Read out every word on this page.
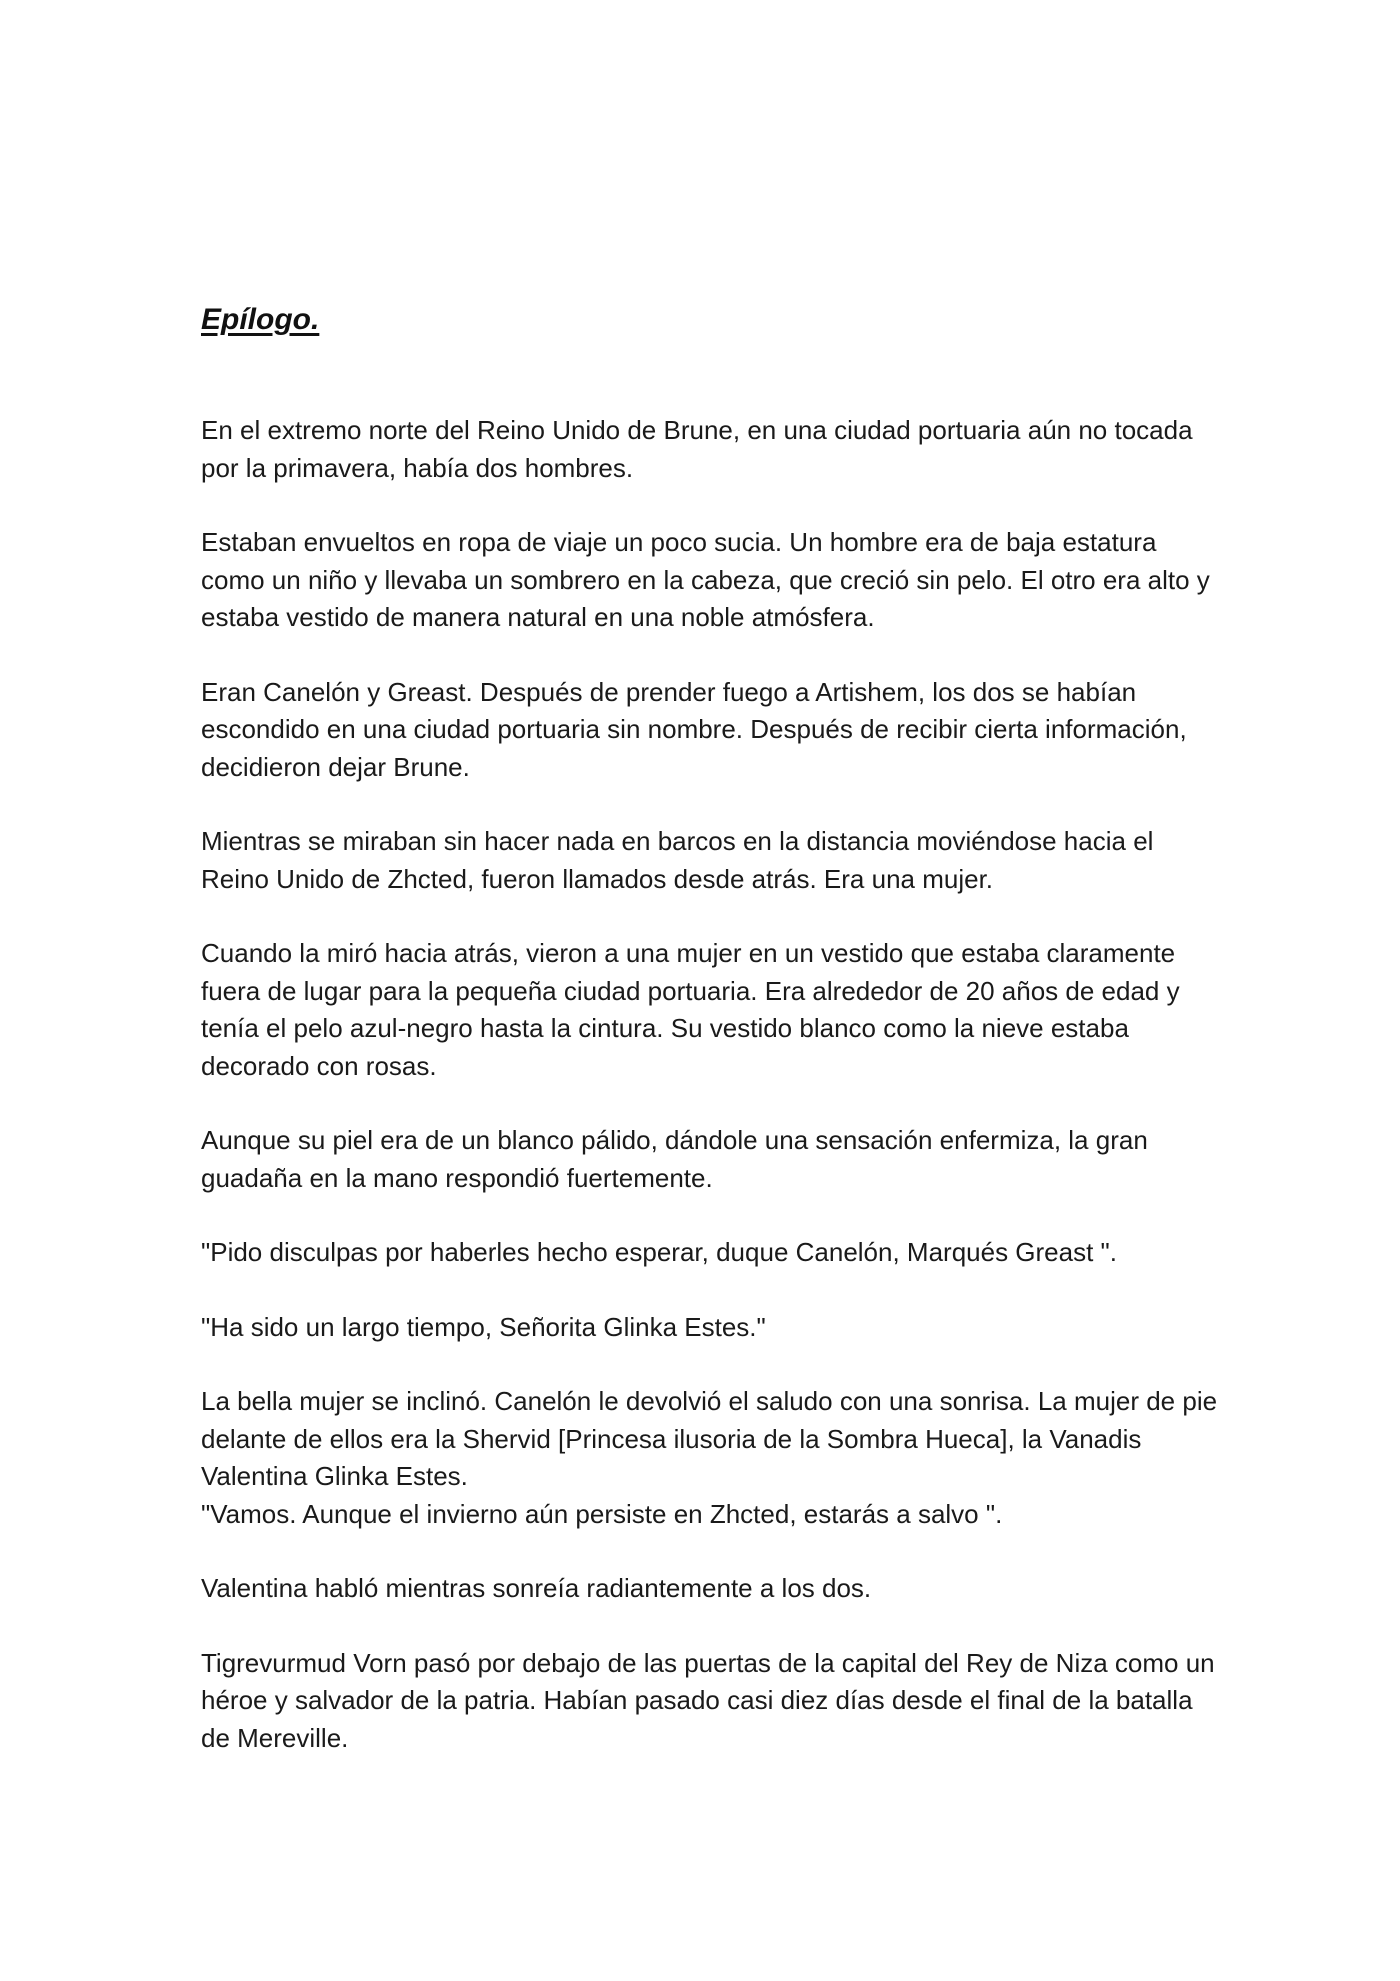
Epílogo.

En el extremo norte del Reino Unido de Brune, en una ciudad portuaria aún no tocada por la primavera, había dos hombres.

Estaban envueltos en ropa de viaje un poco sucia. Un hombre era de baja estatura como un niño y llevaba un sombrero en la cabeza, que creció sin pelo. El otro era alto y estaba vestido de manera natural en una noble atmósfera.

Eran Canelón y Greast. Después de prender fuego a Artishem, los dos se habían escondido en una ciudad portuaria sin nombre. Después de recibir cierta información, decidieron dejar Brune.

Mientras se miraban sin hacer nada en barcos en la distancia moviéndose hacia el Reino Unido de Zhcted, fueron llamados desde atrás. Era una mujer.

Cuando la miró hacia atrás, vieron a una mujer en un vestido que estaba claramente fuera de lugar para la pequeña ciudad portuaria. Era alrededor de 20 años de edad y tenía el pelo azul-negro hasta la cintura. Su vestido blanco como la nieve estaba decorado con rosas.

Aunque su piel era de un blanco pálido, dándole una sensación enfermiza, la gran guadaña en la mano respondió fuertemente.

"Pido disculpas por haberles hecho esperar, duque Canelón, Marqués Greast ".

"Ha sido un largo tiempo, Señorita Glinka Estes."

La bella mujer se inclinó. Canelón le devolvió el saludo con una sonrisa. La mujer de pie delante de ellos era la Shervid [Princesa ilusoria de la Sombra Hueca], la Vanadis Valentina Glinka Estes.

"Vamos. Aunque el invierno aún persiste en Zhcted, estarás a salvo ".

Valentina habló mientras sonreía radiantemente a los dos.

Tigrevurmud Vorn pasó por debajo de las puertas de la capital del Rey de Niza como un héroe y salvador de la patria. Habían pasado casi diez días desde el final de la batalla de Mereville.
